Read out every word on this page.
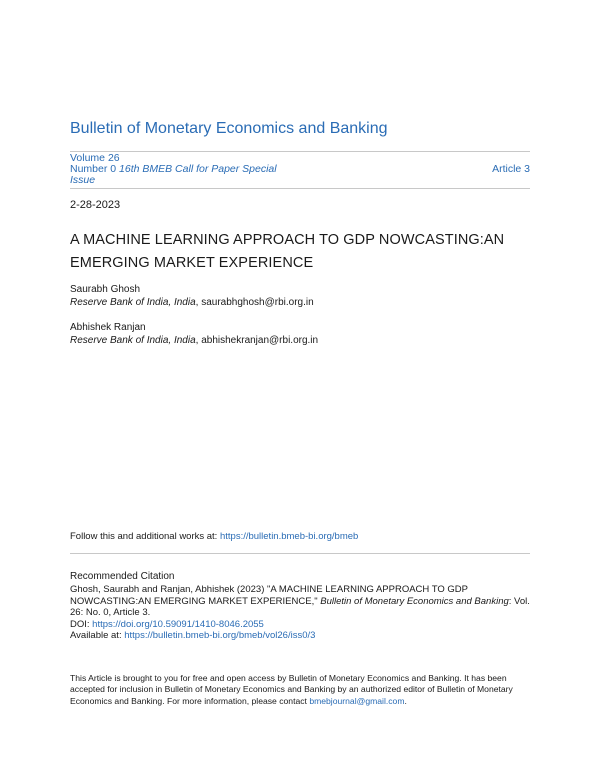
Bulletin of Monetary Economics and Banking
Volume 26
Number 0 16th BMEB Call for Paper Special Issue
Article 3
2-28-2023
A MACHINE LEARNING APPROACH TO GDP NOWCASTING:AN EMERGING MARKET EXPERIENCE
Saurabh Ghosh
Reserve Bank of India, India, saurabhghosh@rbi.org.in
Abhishek Ranjan
Reserve Bank of India, India, abhishekranjan@rbi.org.in
Follow this and additional works at: https://bulletin.bmeb-bi.org/bmeb
Recommended Citation
Ghosh, Saurabh and Ranjan, Abhishek (2023) "A MACHINE LEARNING APPROACH TO GDP NOWCASTING:AN EMERGING MARKET EXPERIENCE," Bulletin of Monetary Economics and Banking: Vol. 26: No. 0, Article 3.
DOI: https://doi.org/10.59091/1410-8046.2055
Available at: https://bulletin.bmeb-bi.org/bmeb/vol26/iss0/3
This Article is brought to you for free and open access by Bulletin of Monetary Economics and Banking. It has been accepted for inclusion in Bulletin of Monetary Economics and Banking by an authorized editor of Bulletin of Monetary Economics and Banking. For more information, please contact bmebjournal@gmail.com.
